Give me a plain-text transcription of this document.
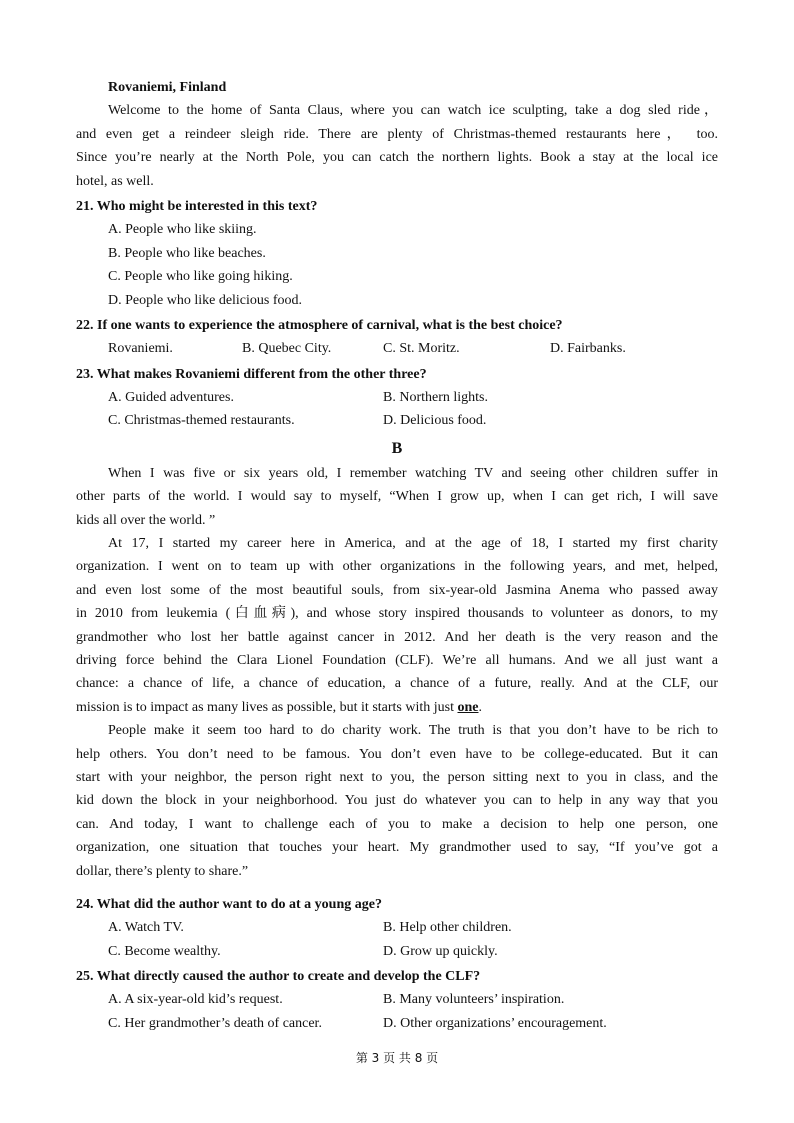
Rovaniemi, Finland
Welcome to the home of Santa Claus, where you can watch ice sculpting, take a dog sled ride，
and even get a reindeer sleigh ride. There are plenty of Christmas-themed restaurants here， too.
Since you’re nearly at the North Pole, you can catch the northern lights. Book a stay at the local ice
hotel, as well.
21. Who might be interested in this text?
A. People who like skiing.
B. People who like beaches.
C. People who like going hiking.
D. People who like delicious food.
22. If one wants to experience the atmosphere of carnival, what is the best choice?
Rovaniemi.	B. Quebec City.	C. St. Moritz.	D. Fairbanks.
23. What makes Rovaniemi different from the other three?
A. Guided adventures.	B. Northern lights.
C. Christmas-themed restaurants.	D. Delicious food.
B
When I was five or six years old, I remember watching TV and seeing other children suffer in
other parts of the world. I would say to myself, “When I grow up, when I can get rich, I will save
kids all over the world. ”
At 17, I started my career here in America, and at the age of 18, I started my first charity
organization. I went on to team up with other organizations in the following years, and met, helped,
and even lost some of the most beautiful souls, from six-year-old Jasmina Anema who passed away
in 2010 from leukemia (白血病), and whose story inspired thousands to volunteer as donors, to my
grandmother who lost her battle against cancer in 2012. And her death is the very reason and the
driving force behind the Clara Lionel Foundation (CLF). We’re all humans. And we all just want a
chance: a chance of life, a chance of education, a chance of a future, really. And at the CLF, our
mission is to impact as many lives as possible, but it starts with just one.
People make it seem too hard to do charity work. The truth is that you don’t have to be rich to
help others. You don’t need to be famous. You don’t even have to be college-educated. But it can
start with your neighbor, the person right next to you, the person sitting next to you in class, and the
kid down the block in your neighborhood. You just do whatever you can to help in any way that you
can. And today, I want to challenge each of you to make a decision to help one person, one
organization, one situation that touches your heart. My grandmother used to say, “If you’ve got a
dollar, there’s plenty to share.”
24. What did the author want to do at a young age?
A. Watch TV.	B. Help other children.
C. Become wealthy.	D. Grow up quickly.
25. What directly caused the author to create and develop the CLF?
A. A six-year-old kid’s request.	B. Many volunteers’ inspiration.
C. Her grandmother’s death of cancer.	D. Other organizations’ encouragement.
第 3 页 共 8 页
